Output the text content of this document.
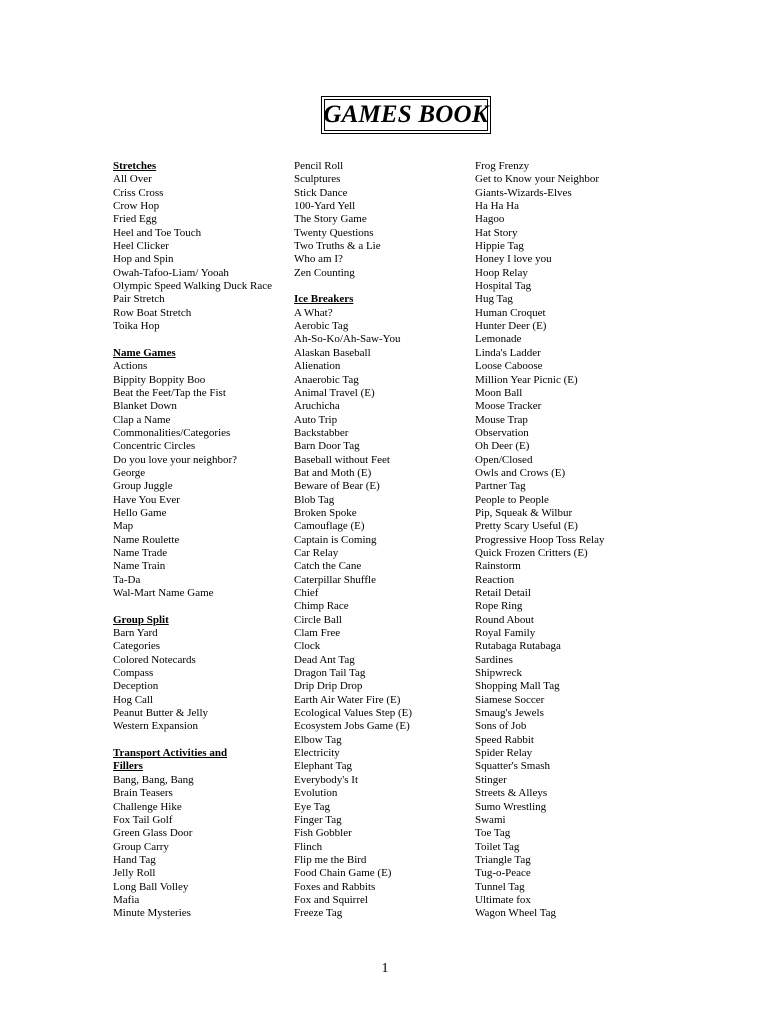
GAMES BOOK
Stretches
All Over
Criss Cross
Crow Hop
Fried Egg
Heel and Toe Touch
Heel Clicker
Hop and Spin
Owah-Tafoo-Liam/ Yooah
Olympic Speed Walking Duck Race
Pair Stretch
Row Boat Stretch
Toika Hop
Name Games
Actions
Bippity Boppity Boo
Beat the Feet/Tap the Fist
Blanket Down
Clap a Name
Commonalities/Categories
Concentric Circles
Do you love your neighbor?
George
Group Juggle
Have You Ever
Hello Game
Map
Name Roulette
Name Trade
Name Train
Ta-Da
Wal-Mart Name Game
Group Split
Barn Yard
Categories
Colored Notecards
Compass
Deception
Hog Call
Peanut Butter & Jelly
Western Expansion
Transport Activities and
Fillers
Bang, Bang, Bang
Brain Teasers
Challenge Hike
Fox Tail Golf
Green Glass Door
Group Carry
Hand Tag
Jelly Roll
Long Ball Volley
Mafia
Minute Mysteries
Pencil Roll
Sculptures
Stick Dance
100-Yard Yell
The Story Game
Twenty Questions
Two Truths & a Lie
Who am I?
Zen Counting
Ice Breakers
A What?
Aerobic Tag
Ah-So-Ko/Ah-Saw-You
Alaskan Baseball
Alienation
Anaerobic Tag
Animal Travel (E)
Aruchicha
Auto Trip
Backstabber
Barn Door Tag
Baseball without Feet
Bat and Moth (E)
Beware of Bear (E)
Blob Tag
Broken Spoke
Camouflage (E)
Captain is Coming
Car Relay
Catch the Cane
Caterpillar Shuffle
Chief
Chimp Race
Circle Ball
Clam Free
Clock
Dead Ant Tag
Dragon Tail Tag
Drip Drip Drop
Earth Air Water Fire (E)
Ecological Values Step (E)
Ecosystem Jobs Game (E)
Elbow Tag
Electricity
Elephant Tag
Everybody's It
Evolution
Eye Tag
Finger Tag
Fish Gobbler
Flinch
Flip me the Bird
Food Chain Game (E)
Foxes and Rabbits
Fox and Squirrel
Freeze Tag
Frog Frenzy
Get to Know your Neighbor
Giants-Wizards-Elves
Ha Ha Ha
Hagoo
Hat Story
Hippie Tag
Honey I love you
Hoop Relay
Hospital Tag
Hug Tag
Human Croquet
Hunter Deer (E)
Lemonade
Linda's Ladder
Loose Caboose
Million Year Picnic (E)
Moon Ball
Moose Tracker
Mouse Trap
Observation
Oh Deer (E)
Open/Closed
Owls and Crows (E)
Partner Tag
People to People
Pip, Squeak & Wilbur
Pretty Scary Useful (E)
Progressive Hoop Toss Relay
Quick Frozen Critters (E)
Rainstorm
Reaction
Retail Detail
Rope Ring
Round About
Royal Family
Rutabaga Rutabaga
Sardines
Shipwreck
Shopping Mall Tag
Siamese Soccer
Smaug's Jewels
Sons of Job
Speed Rabbit
Spider Relay
Squatter's Smash
Stinger
Streets & Alleys
Sumo Wrestling
Swami
Toe Tag
Toilet Tag
Triangle Tag
Tug-o-Peace
Tunnel Tag
Ultimate fox
Wagon Wheel Tag
1
